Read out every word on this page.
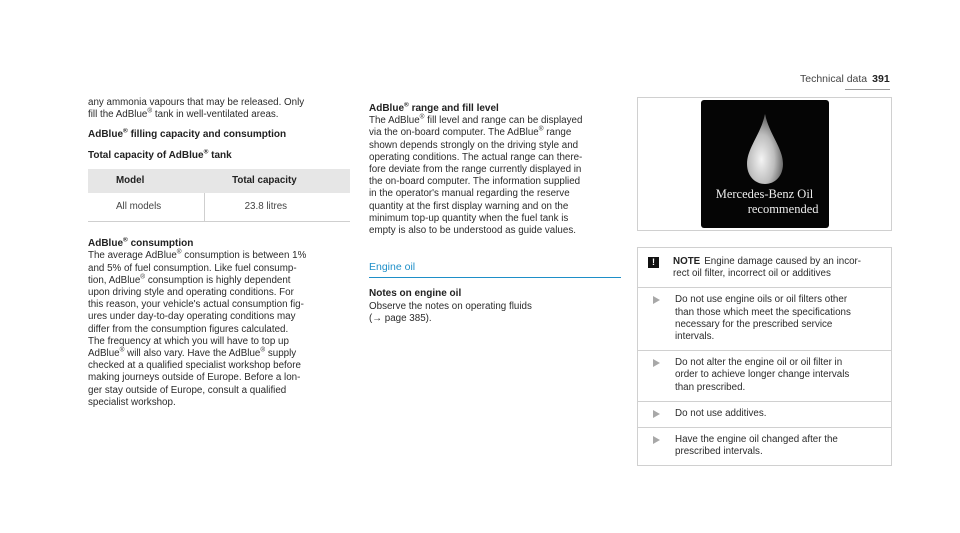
Technical data 391

any ammonia vapours that may be released. Only

fill the AdBlue® tank in well-ventilated areas.

AdBlue® filling capacity and consumption

Total capacity of AdBlue® tank

Model	Total capacity
All models	23.8 litres

AdBlue® consumption

The average AdBlue® consumption is between 1%

and 5% of fuel consumption. Like fuel consump-

tion, AdBlue® consumption is highly dependent

upon driving style and operating conditions. For

this reason, your vehicle's actual consumption fig-

ures under day-to-day operating conditions may

differ from the consumption figures calculated.

The frequency at which you will have to top up

AdBlue® will also vary. Have the AdBlue® supply

checked at a qualified specialist workshop before

making journeys outside of Europe. Before a lon-

ger stay outside of Europe, consult a qualified

specialist workshop.

AdBlue® range and fill level

The AdBlue® fill level and range can be displayed

via the on-board computer. The AdBlue® range

shown depends strongly on the driving style and

operating conditions. The actual range can there-

fore deviate from the range currently displayed in

the on-board computer. The information supplied

in the operator's manual regarding the reserve

quantity at the first display warning and on the

minimum top-up quantity when the fuel tank is

empty is also to be understood as guide values.

Engine oil

Notes on engine oil

Observe the notes on operating fluids

(→ page 385).

Mercedes-Benz Oil
recommended
!	NOTE Engine damage caused by an incor-

rect oil filter, incorrect oil or additives

Do not use engine oils or oil filters other

than those which meet the specifications

necessary for the prescribed service

intervals.

Do not alter the engine oil or oil filter in

order to achieve longer change intervals

than prescribed.

Do not use additives.

Have the engine oil changed after the

prescribed intervals.
